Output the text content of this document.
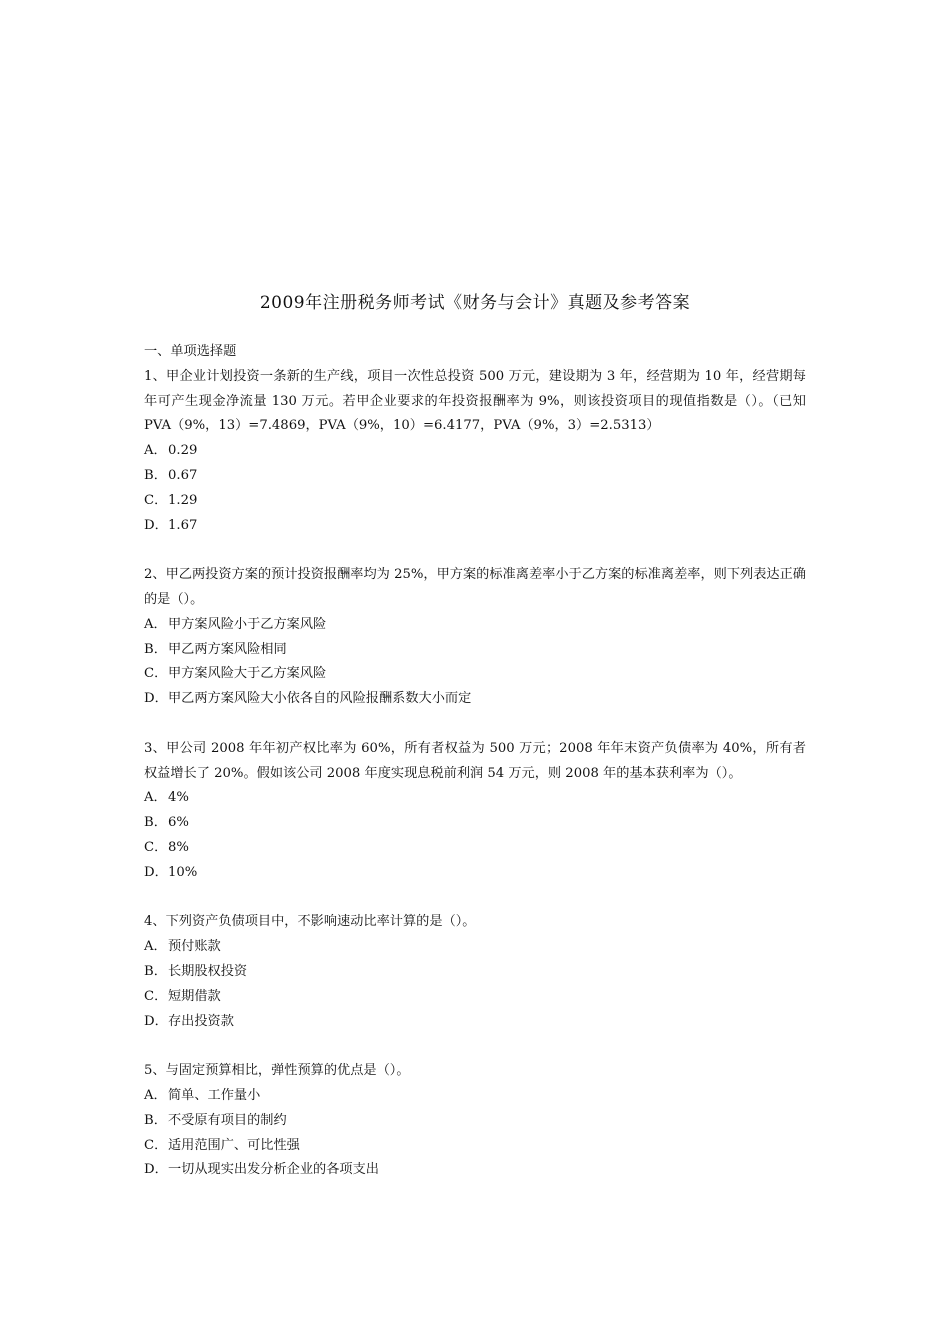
2009年注册税务师考试《财务与会计》真题及参考答案

一、单项选择题

1、甲企业计划投资一条新的生产线，项目一次性总投资 500 万元，建设期为 3 年，经营期为 10 年，经营期每年可产生现金净流量 130 万元。若甲企业要求的年投资报酬率为 9%，则该投资项目的现值指数是（）。（已知 PVA（9%，13）=7.4869，PVA（9%，10）=6.4177，PVA（9%，3）=2.5313）

A．0.29
B．0.67
C．1.29
D．1.67

2、甲乙两投资方案的预计投资报酬率均为 25%，甲方案的标准离差率小于乙方案的标准离差率，则下列表达正确的是（）。

A．甲方案风险小于乙方案风险
B．甲乙两方案风险相同
C．甲方案风险大于乙方案风险
D．甲乙两方案风险大小依各自的风险报酬系数大小而定

3、甲公司 2008 年年初产权比率为 60%，所有者权益为 500 万元；2008 年年末资产负债率为 40%，所有者权益增长了 20%。假如该公司 2008 年度实现息税前利润 54 万元，则 2008 年的基本获利率为（）。

A．4%
B．6%
C．8%
D．10%

4、下列资产负债项目中，不影响速动比率计算的是（）。

A．预付账款
B．长期股权投资
C．短期借款
D．存出投资款

5、与固定预算相比，弹性预算的优点是（）。

A．简单、工作量小
B．不受原有项目的制约
C．适用范围广、可比性强
D．一切从现实出发分析企业的各项支出
